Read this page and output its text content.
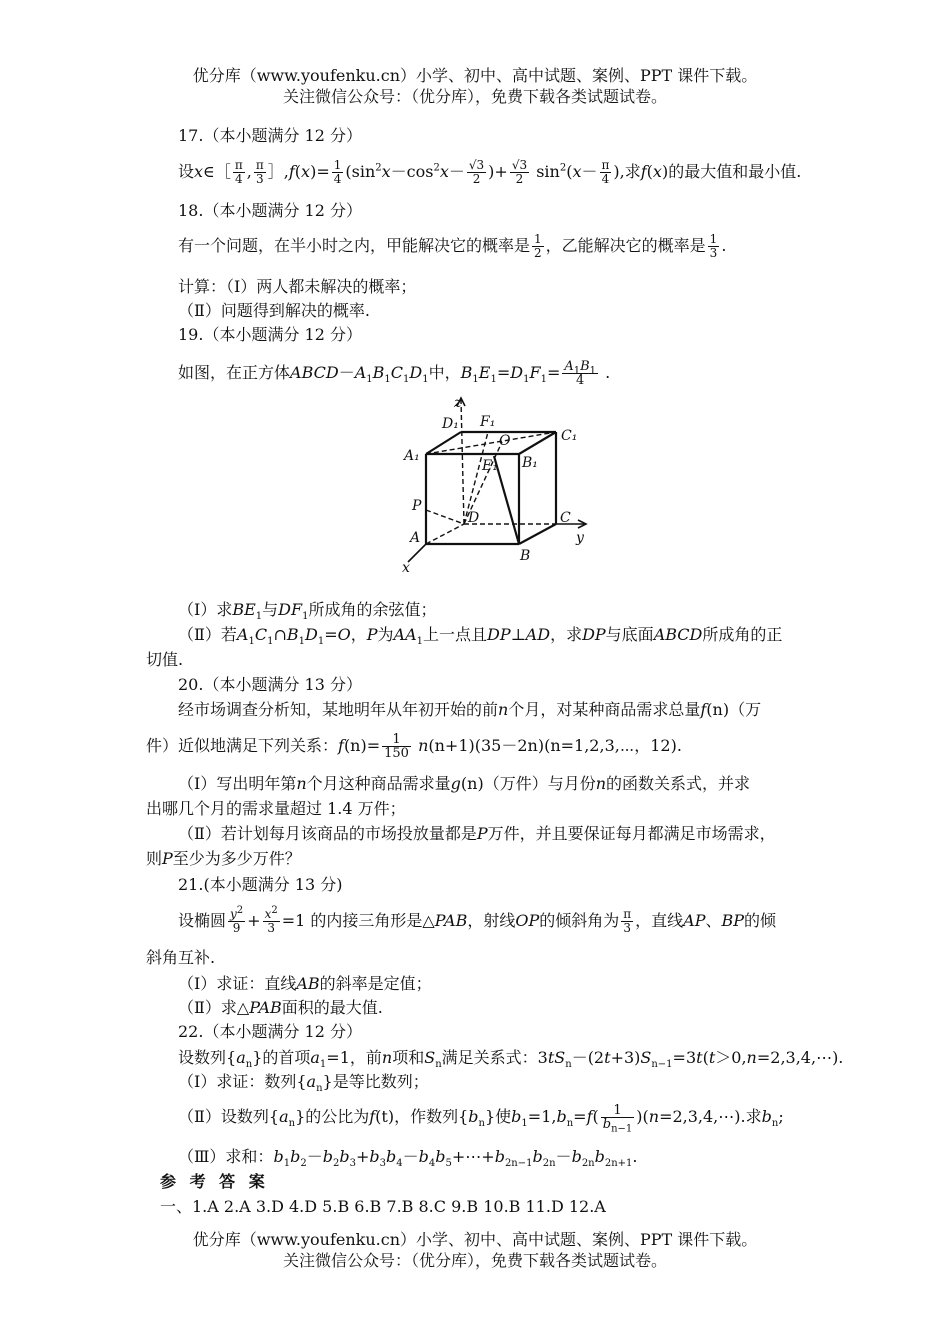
优分库（www.youfenku.cn）小学、初中、高中试题、案例、PPT 课件下载。
关注微信公众号：（优分库），免费下载各类试题试卷。
17.（本小题满分 12 分）
设x∈［ $\frac{\pi}{4}$ , $\frac{\pi}{3}$ ］,f(x)= $\frac{1}{4} (\sin^2x-\cos^2x- \frac{√3}{2}$ )+ $\frac{√3}{2} \sin^2(x- \frac{\pi}{4}$ ),求f(x)的最大值和最小值.
18.（本小题满分 12 分）
有一个问题，在半小时之内，甲能解决它的概率是 $\frac{1}{2}$ ，乙能解决它的概率是 $\frac{1}{3}$ .
计算：（Ⅰ）两人都未解决的概率；
（Ⅱ）问题得到解决的概率.
19.（本小题满分 12 分）
如图，在正方体$ABCD-A_1B_1C_1D_1$中，$B_1E_1=D_1F_1= \frac{A_1B_1}{4}$ .
z
y
x
D₁ F₁
O	C₁
A₁
E₁ B₁
P
D	C
A
B
（Ⅰ）求$BE_1$与$DF_1$所成角的余弦值；
（Ⅱ）若$A_1C_1\cap B_1D_1=O$，P为$AA_1$上一点且DP⊥AD，求DP与底面ABCD所成角的正
切值.
20.（本小题满分 13 分）
经市场调查分析知，某地明年从年初开始的前n个月，对某种商品需求总量f(n)（万
件）近似地满足下列关系：$f(n)= \frac{1}{150}$ n(n+1)(35－2n)(n=1,2,3,⋯，12).
（Ⅰ）写出明年第n个月这种商品需求量g(n)（万件）与月份n的函数关系式，并求
出哪几个月的需求量超过 1.4 万件；
（Ⅱ）若计划每月该商品的市场投放量都是P万件，并且要保证每月都满足市场需求，
则P至少为多少万件？
21.(本小题满分 13 分)
设椭圆 $\frac{y^2}{9} + \frac{x^2}{3} =1$ 的内接三角形是△PAB，射线OP的倾斜角为 $\frac{\pi}{3}$ ，直线AP、BP的倾
斜角互补.
（Ⅰ）求证：直线AB的斜率是定值；
（Ⅱ）求△PAB面积的最大值.
22.（本小题满分 12 分）
设数列$\{a_n\}$的首项$a_1=1$，前n项和$S_n$满足关系式：$3tS_n-(2t+3)S_{n-1}=3t(t>0,n=2,3,4,\cdots)$.
（Ⅰ）求证：数列$\{a_n\}$是等比数列；
（Ⅱ）设数列$\{a_n\}$的公比为f(t)，作数列$\{b_n\}$使$b_1=1,b_n=f( \frac{1}{b_{n-1}}$ )(n=2,3,4,⋯).求$b_n$;
（Ⅲ）求和：$b_1b_2-b_2b_3+b_3b_4-b_4b_5+\cdots+b_{2n-1}b_{2n}-b_{2n}b_{2n+1}$.
参 考 答 案
一、1.A 2.A 3.D 4.D 5.B 6.B 7.B 8.C 9.B 10.B 11.D 12.A
优分库（www.youfenku.cn）小学、初中、高中试题、案例、PPT 课件下载。
关注微信公众号：（优分库），免费下载各类试题试卷。
